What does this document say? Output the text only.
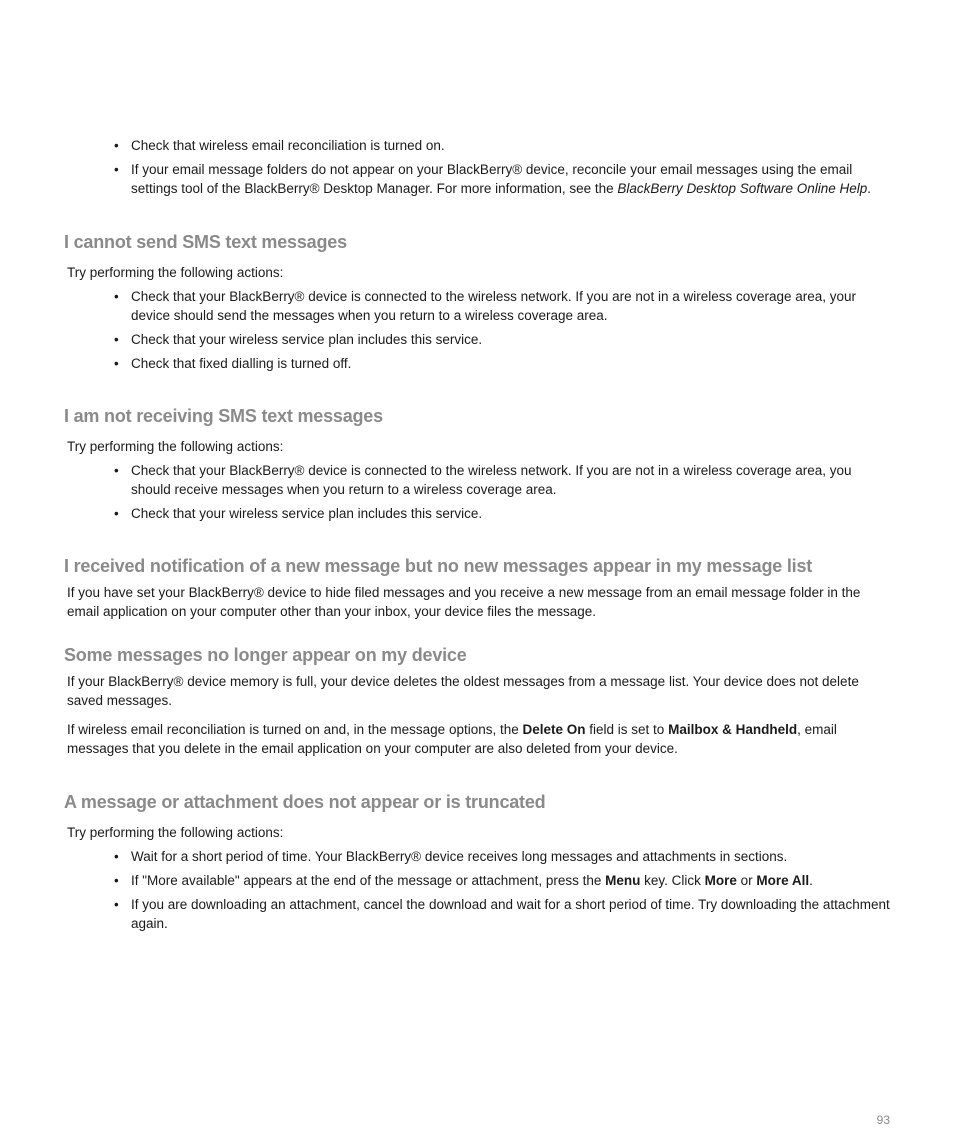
• Check that wireless email reconciliation is turned on.
• If your email message folders do not appear on your BlackBerry® device, reconcile your email messages using the email settings tool of the BlackBerry® Desktop Manager. For more information, see the BlackBerry Desktop Software Online Help.
I cannot send SMS text messages

Try performing the following actions:

• Check that your BlackBerry® device is connected to the wireless network. If you are not in a wireless coverage area, your device should send the messages when you return to a wireless coverage area.
• Check that your wireless service plan includes this service.
• Check that fixed dialling is turned off.
I am not receiving SMS text messages

Try performing the following actions:

• Check that your BlackBerry® device is connected to the wireless network. If you are not in a wireless coverage area, you should receive messages when you return to a wireless coverage area.
• Check that your wireless service plan includes this service.
I received notification of a new message but no new messages appear in my message list

If you have set your BlackBerry® device to hide filed messages and you receive a new message from an email message folder in the email application on your computer other than your inbox, your device files the message.

Some messages no longer appear on my device

If your BlackBerry® device memory is full, your device deletes the oldest messages from a message list. Your device does not delete saved messages.

If wireless email reconciliation is turned on and, in the message options, the Delete On field is set to Mailbox & Handheld, email messages that you delete in the email application on your computer are also deleted from your device.

A message or attachment does not appear or is truncated

Try performing the following actions:

• Wait for a short period of time. Your BlackBerry® device receives long messages and attachments in sections.
• If "More available" appears at the end of the message or attachment, press the Menu key. Click More or More All.
• If you are downloading an attachment, cancel the download and wait for a short period of time. Try downloading the attachment again.
93
